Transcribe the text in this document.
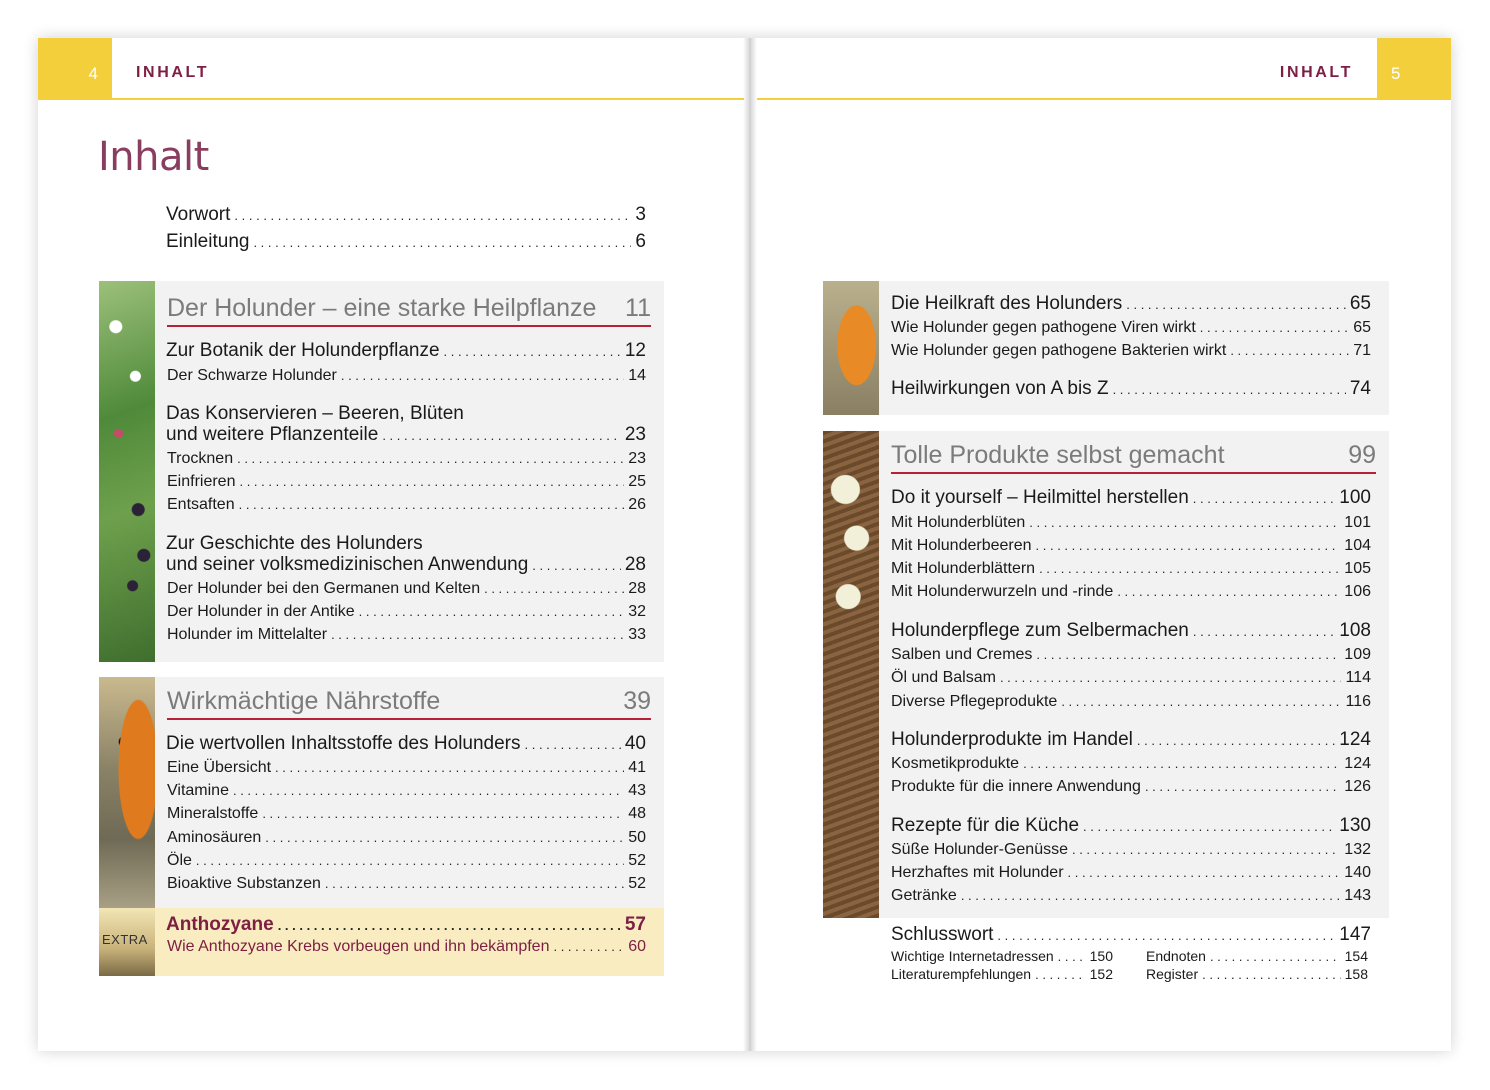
4	INHALT
Inhalt
Vorwort . . .	3
Einleitung . . .	6
Der Holunder – eine starke Heilpflanze 11
Zur Botanik der Holunderpflanze . . .	12
Der Schwarze Holunder . . .	14
Das Konservieren – Beeren, Blüten
und weitere Pflanzenteile . . .	23
Trocknen . . .	23
Einfrieren . . .	25
Entsaften . . .	26
Zur Geschichte des Holunders
und seiner volksmedizinischen Anwendung . . .	28
Der Holunder bei den Germanen und Kelten . . .	28
Der Holunder in der Antike . . .	32
Holunder im Mittelalter . . .	33
Wirkmächtige Nährstoffe	39
Die wertvollen Inhaltsstoffe des Holunders . . .	40
Eine Übersicht . . .	41
Vitamine . . .	43
Mineralstoffe . . .	48
Aminosäuren . . .	50
Öle . . .	52
Bioaktive Substanzen . . .	52
EXTRA
Anthozyane . . .	57
Wie Anthozyane Krebs vorbeugen und ihn bekämpfen . . .	60
5
INHALT
Die Heilkraft des Holunders . . .	65
Wie Holunder gegen pathogene Viren wirkt . . .	65
Wie Holunder gegen pathogene Bakterien wirkt . . .	71
Heilwirkungen von A bis Z . . .	74
Tolle Produkte selbst gemacht	99
Do it yourself – Heilmittel herstellen . . .	100
Mit Holunderblüten . . .	101
Mit Holunderbeeren . . .	104
Mit Holunderblättern . . .	105
Mit Holunderwurzeln und -rinde . . .	106
Holunderpflege zum Selbermachen . . .	108
Salben und Cremes . . .	109
Öl und Balsam . . .	114
Diverse Pflegeprodukte . . .	116
Holunderprodukte im Handel . . .	124
Kosmetikprodukte . . .	124
Produkte für die innere Anwendung . . .	126
Rezepte für die Küche . . .	130
Süße Holunder-Genüsse . . .	132
Herzhaftes mit Holunder . . .	140
Getränke . . .	143
Schlusswort . . .	147
Wichtige Internetadressen . . .	150 Endnoten . . .	154
Literaturempfehlungen . . .	152 Register . . .	158
